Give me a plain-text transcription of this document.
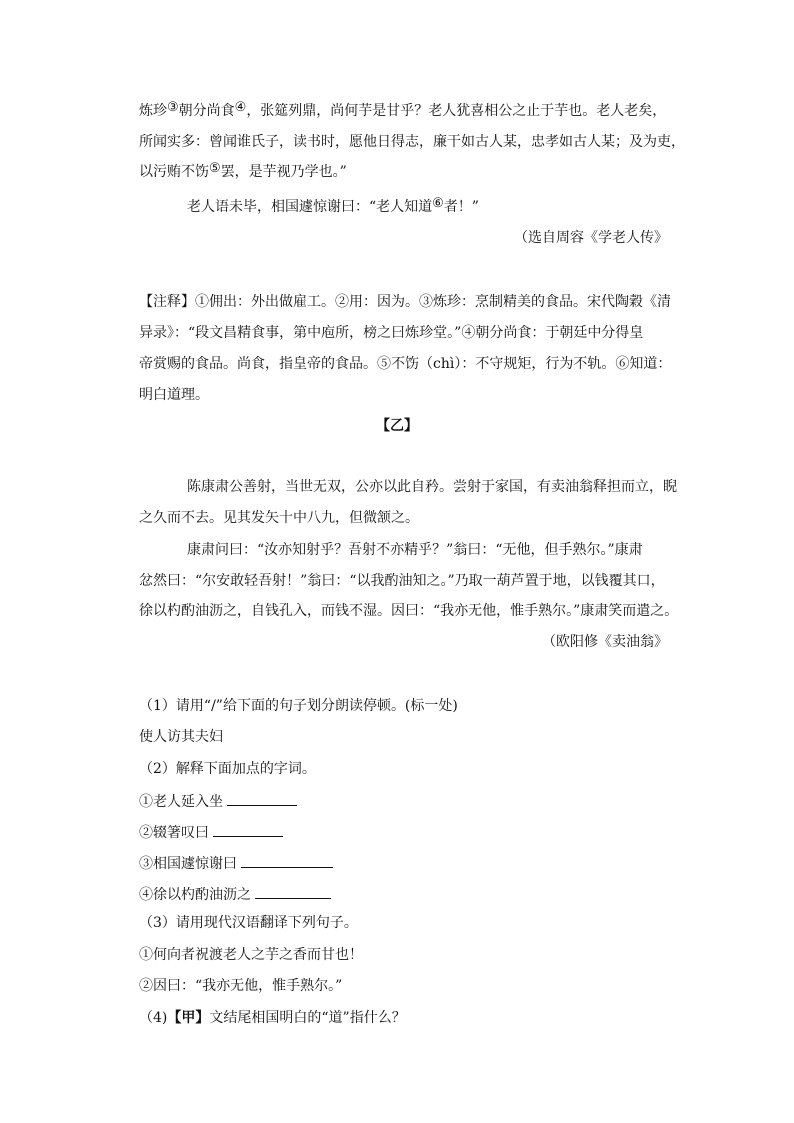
炼珍③朝分尚食④，张筵列鼎，尚何芋是甘乎？老人犹喜相公之止于芋也。老人老矣，
所闻实多：曾闻谁氏子，读书时，愿他日得志，廉干如古人某，忠孝如古人某；及为吏，
以污贿不饬⑤罢，是芋视乃学也。”
老人语未毕，相国遽惊谢曰：“老人知道⑥者！”
（选自周容《学老人传》
【注释】①佣出：外出做雇工。②用：因为。③炼珍：烹制精美的食品。宋代陶穀《清
异录》：“段文昌精食事，第中庖所，榜之曰炼珍堂。”④朝分尚食：于朝廷中分得皇
帝赏赐的食品。尚食，指皇帝的食品。⑤不饬（chì）：不守规矩，行为不轨。⑥知道：
明白道理。
【乙】
陈康肃公善射，当世无双，公亦以此自矜。尝射于家国，有卖油翁释担而立，睨
之久而不去。见其发矢十中八九，但微颔之。
康肃问曰：“汝亦知射乎？吾射不亦精乎？”翁曰：“无他，但手熟尔。”康肃
忿然曰：“尔安敢轻吾射！”翁曰：“以我酌油知之。”乃取一葫芦置于地，以钱覆其口，
徐以杓酌油沥之，自钱孔入，而钱不湿。因曰：“我亦无他，惟手熟尔。”康肃笑而遣之。
（欧阳修《卖油翁》
（1）请用“/”给下面的句子划分朗读停顿。(标一处)
使人访其夫妇
（2）解释下面加点的字词。
①老人延入坐
②辍箸叹曰
③相国遽惊谢曰
④徐以杓酌油沥之
（3）请用现代汉语翻译下列句子。
①何向者祝渡老人之芋之香而甘也！
②因曰：“我亦无他，惟手熟尔。”
（4)【甲】文结尾相国明白的“道”指什么？
